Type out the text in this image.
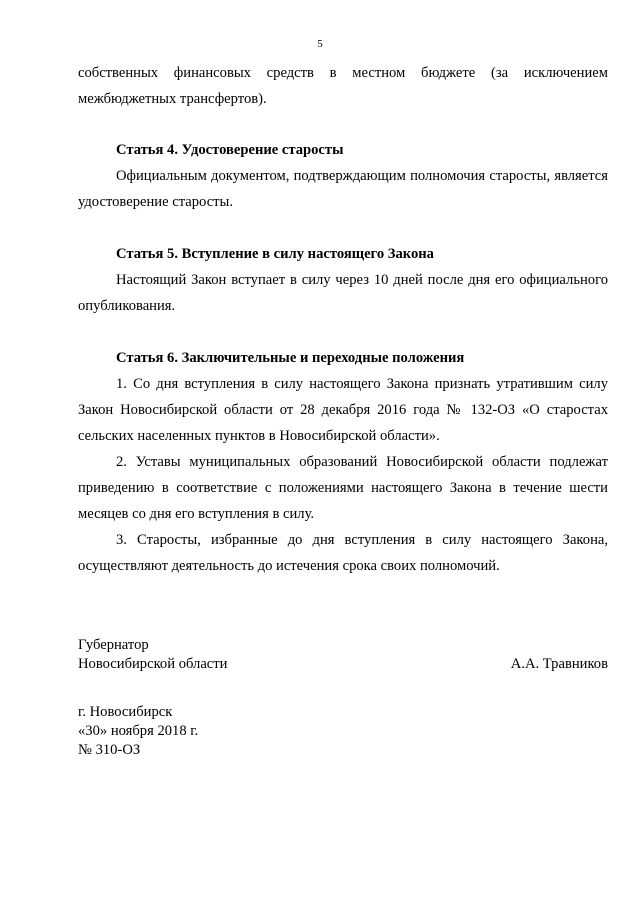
5

собственных финансовых средств в местном бюджете (за исключением межбюджетных трансфертов).

Статья 4. Удостоверение старосты

Официальным документом, подтверждающим полномочия старосты, является удостоверение старосты.

Статья 5. Вступление в силу настоящего Закона

Настоящий Закон вступает в силу через 10 дней после дня его официального опубликования.

Статья 6. Заключительные и переходные положения

1. Со дня вступления в силу настоящего Закона признать утратившим силу Закон Новосибирской области от 28 декабря 2016 года № 132-ОЗ «О старостах сельских населенных пунктов в Новосибирской области».

2. Уставы муниципальных образований Новосибирской области подлежат приведению в соответствие с положениями настоящего Закона в течение шести месяцев со дня его вступления в силу.

3. Старосты, избранные до дня вступления в силу настоящего Закона, осуществляют деятельность до истечения срока своих полномочий.

Губернатор
Новосибирской области	А.А. Травников
г. Новосибирск
«30» ноября 2018 г.
№ 310-ОЗ
